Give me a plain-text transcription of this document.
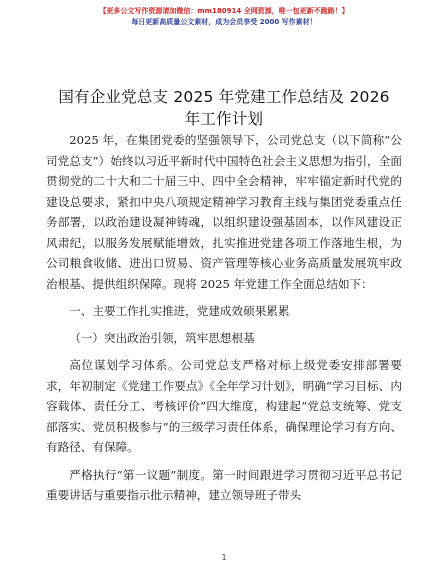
【更多公文写作资源请加微信：mm180914 全网资源，唯一包更新不跑路！】
每日更新高质量公文素材，成为会员享受 2000 写作素材！
国有企业党总支 2025 年党建工作总结及 2026
年工作计划

2025 年，在集团党委的坚强领导下，公司党总支（以下简称“公司党总支”）始终以习近平新时代中国特色社会主义思想为指引，全面贯彻党的二十大和二十届三中、四中全会精神，牢牢锚定新时代党的建设总要求，紧扣中央八项规定精神学习教育主线与集团党委重点任务部署，以政治建设凝神铸魂，以组织建设强基固本，以作风建设正风肃纪，以服务发展赋能增效，扎实推进党建各项工作落地生根，为公司粮食收储、进出口贸易、资产管理等核心业务高质量发展筑牢政治根基、提供组织保障。现将 2025 年党建工作全面总结如下：

一、主要工作扎实推进，党建成效硕果累累

（一）突出政治引领，筑牢思想根基

高位谋划学习体系。公司党总支严格对标上级党委安排部署要求，年初制定《党建工作要点》《全年学习计划》，明确“学习目标、内容载体、责任分工、考核评价”四大维度，构建起“党总支统筹、党支部落实、党员积极参与”的三级学习责任体系，确保理论学习有方向、有路径、有保障。

严格执行“第一议题”制度。第一时间跟进学习贯彻习近平总书记重要讲话与重要指示批示精神，建立领导班子带头

1
